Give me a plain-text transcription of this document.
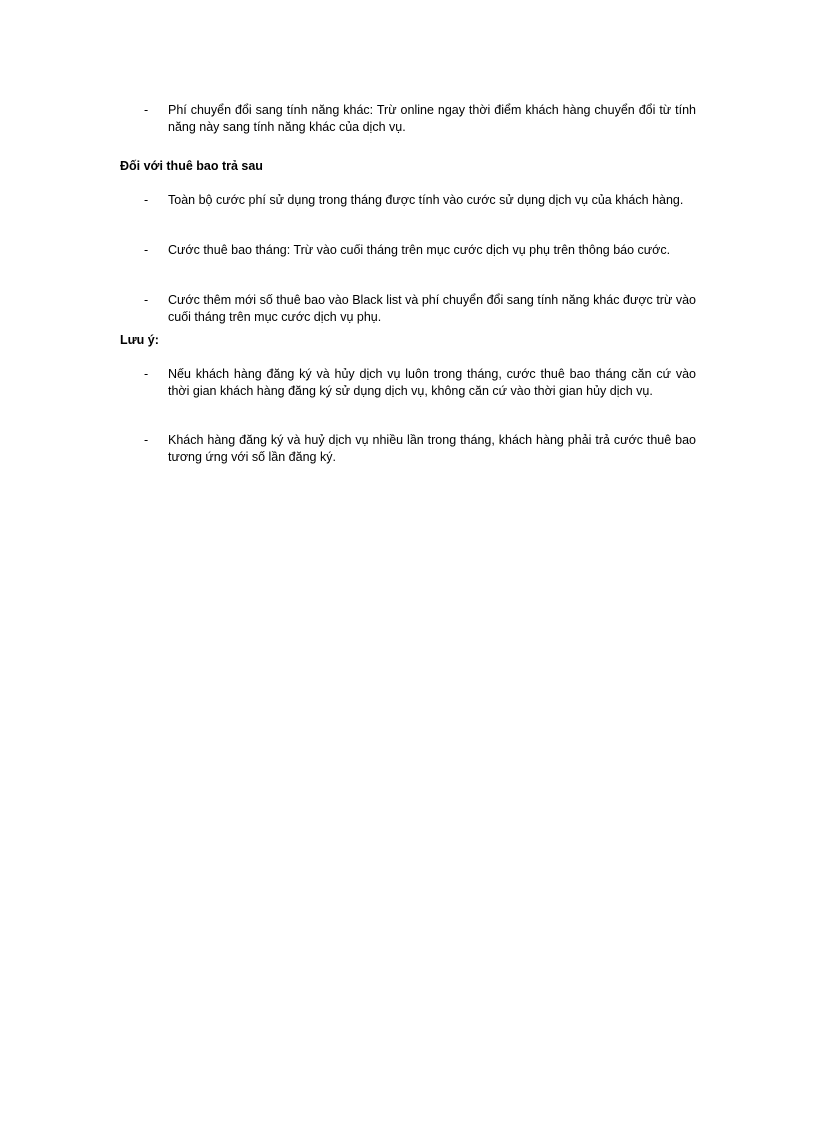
- Phí chuyển đổi sang tính năng khác: Trừ online ngay thời điểm khách hàng chuyển đổi từ tính năng này sang tính năng khác của dịch vụ.
Đối với thuê bao trả sau
- Toàn bộ cước phí sử dụng trong tháng được tính vào cước sử dụng dịch vụ của khách hàng.
- Cước thuê bao tháng: Trừ vào cuối tháng trên mục cước dịch vụ phụ trên thông báo cước.
- Cước thêm mới số thuê bao vào Black list và phí chuyển đổi sang tính năng khác được trừ vào cuối tháng trên mục cước dịch vụ phụ.
Lưu ý:
- Nếu khách hàng đăng ký và hủy dịch vụ luôn trong tháng, cước thuê bao tháng căn cứ vào thời gian khách hàng đăng ký sử dụng dịch vụ, không căn cứ vào thời gian hủy dịch vụ.
- Khách hàng đăng ký và huỷ dịch vụ nhiều lần trong tháng, khách hàng phải trả cước thuê bao tương ứng với số lần đăng ký.
